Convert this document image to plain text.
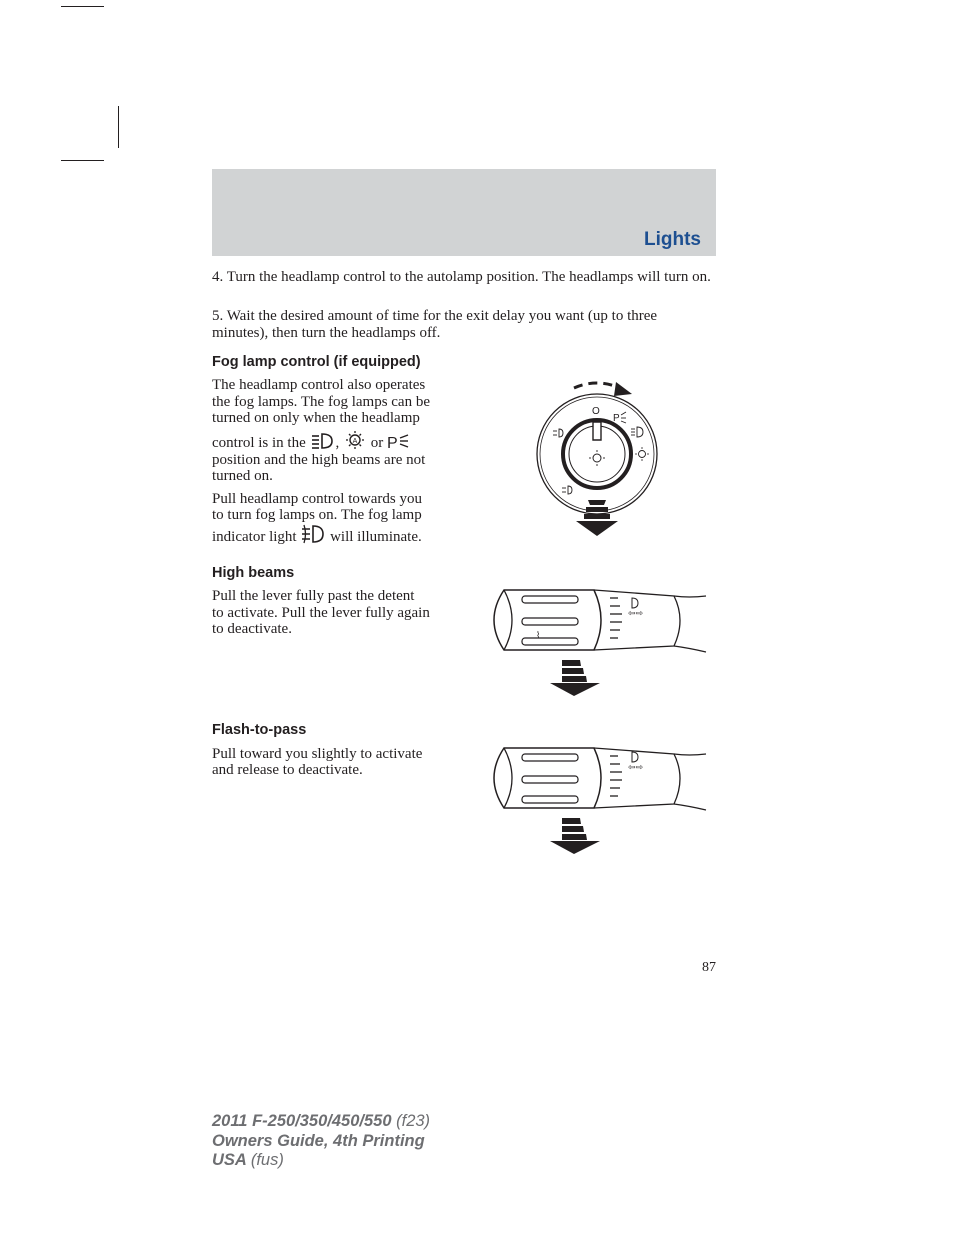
Lights

4. Turn the headlamp control to the autolamp position. The headlamps will turn on.

5. Wait the desired amount of time for the exit delay you want (up to three minutes), then turn the headlamps off.

Fog lamp control (if equipped)

The headlamp control also operates

the fog lamps. The fog lamps can be

turned on only when the headlamp

control is in the , A or P

position and the high beams are not

turned on.

Pull headlamp control towards you

to turn fog lamps on. The fog lamp

indicator light will illuminate.

O
P
High beams

Pull the lever fully past the detent

to activate. Pull the lever fully again

to deactivate.

⇦⇨
⌇
Flash-to-pass

Pull toward you slightly to activate

and release to deactivate.	⇦⇨
87
2011 F-250/350/450/550 (f23)
Owners Guide, 4th Printing
USA (fus)
